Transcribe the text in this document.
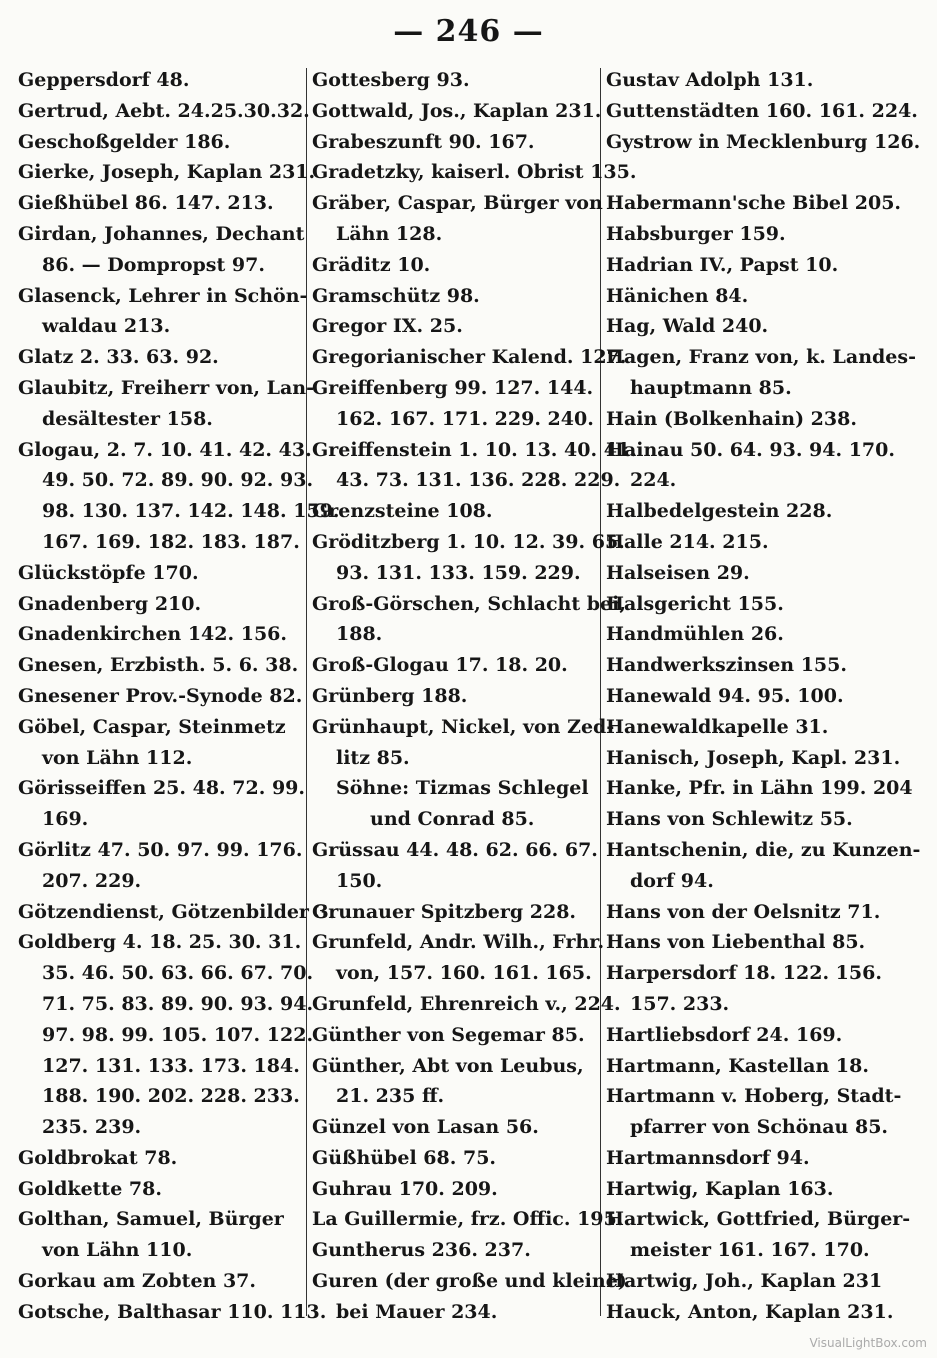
— 246 —
Geppersdorf 48.
Gertrud, Aebt. 24.25.30.32.
Geschoßgelder 186.
Gierke, Joseph, Kaplan 231.
Gießhübel 86. 147. 213.
Girdan, Johannes, Dechant
86. — Dompropst 97.
Glasenck, Lehrer in Schön-
waldau 213.
Glatz 2. 33. 63. 92.
Glaubitz, Freiherr von, Lan-
desältester 158.
Glogau, 2. 7. 10. 41. 42. 43.
49. 50. 72. 89. 90. 92. 93.
98. 130. 137. 142. 148. 159.
167. 169. 182. 183. 187.
Glückstöpfe 170.
Gnadenberg 210.
Gnadenkirchen 142. 156.
Gnesen, Erzbisth. 5. 6. 38.
Gnesener Prov.-Synode 82.
Göbel, Caspar, Steinmetz
von Lähn 112.
Görisseiffen 25. 48. 72. 99.
169.
Görlitz 47. 50. 97. 99. 176.
207. 229.
Götzendienst, Götzenbilder 3.
Goldberg 4. 18. 25. 30. 31.
35. 46. 50. 63. 66. 67. 70.
71. 75. 83. 89. 90. 93. 94.
97. 98. 99. 105. 107. 122.
127. 131. 133. 173. 184.
188. 190. 202. 228. 233.
235. 239.
Goldbrokat 78.
Goldkette 78.
Golthan, Samuel, Bürger
von Lähn 110.
Gorkau am Zobten 37.
Gotsche, Balthasar 110. 113.
Gottesberg 93.
Gottwald, Jos., Kaplan 231.
Grabeszunft 90. 167.
Gradetzky, kaiserl. Obrist 135.
Gräber, Caspar, Bürger von
Lähn 128.
Gräditz 10.
Gramschütz 98.
Gregor IX. 25.
Gregorianischer Kalend. 127.
Greiffenberg 99. 127. 144.
162. 167. 171. 229. 240.
Greiffenstein 1. 10. 13. 40. 41.
43. 73. 131. 136. 228. 229.
Grenzsteine 108.
Gröditzberg 1. 10. 12. 39. 65.
93. 131. 133. 159. 229.
Groß-Görschen, Schlacht bei,
188.
Groß-Glogau 17. 18. 20.
Grünberg 188.
Grünhaupt, Nickel, von Zed-
litz 85.
Söhne: Tizmas Schlegel
und Conrad 85.
Grüssau 44. 48. 62. 66. 67.
150.
Grunauer Spitzberg 228.
Grunfeld, Andr. Wilh., Frhr.
von, 157. 160. 161. 165.
Grunfeld, Ehrenreich v., 224.
Günther von Segemar 85.
Günther, Abt von Leubus,
21. 235 ff.
Günzel von Lasan 56.
Güßhübel 68. 75.
Guhrau 170. 209.
La Guillermie, frz. Offic. 195.
Guntherus 236. 237.
Guren (der große und kleine)
bei Mauer 234.
Gustav Adolph 131.
Guttenstädten 160. 161. 224.
Gystrow in Mecklenburg 126.
Habermann'sche Bibel 205.
Habsburger 159.
Hadrian IV., Papst 10.
Hänichen 84.
Hag, Wald 240.
Hagen, Franz von, k. Landes-
hauptmann 85.
Hain (Bolkenhain) 238.
Hainau 50. 64. 93. 94. 170.
224.
Halbedelgestein 228.
Halle 214. 215.
Halseisen 29.
Halsgericht 155.
Handmühlen 26.
Handwerkszinsen 155.
Hanewald 94. 95. 100.
Hanewaldkapelle 31.
Hanisch, Joseph, Kapl. 231.
Hanke, Pfr. in Lähn 199. 204
Hans von Schlewitz 55.
Hantschenin, die, zu Kunzen-
dorf 94.
Hans von der Oelsnitz 71.
Hans von Liebenthal 85.
Harpersdorf 18. 122. 156.
157. 233.
Hartliebsdorf 24. 169.
Hartmann, Kastellan 18.
Hartmann v. Hoberg, Stadt-
pfarrer von Schönau 85.
Hartmannsdorf 94.
Hartwig, Kaplan 163.
Hartwick, Gottfried, Bürger-
meister 161. 167. 170.
Hartwig, Joh., Kaplan 231
Hauck, Anton, Kaplan 231.
VisualLightBox.com
